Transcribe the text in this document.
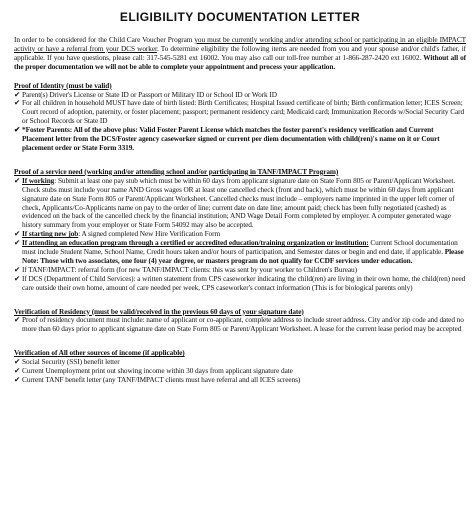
ELIGIBILITY DOCUMENTATION LETTER

In order to be considered for the Child Care Voucher Program you must be currently working and/or attending school or participating in an eligible IMPACT activity or have a referral from your DCS worker. To determine eligibility the following items are needed from you and your spouse and/or child's father, if applicable. If you have questions, please call: 317-545-5281 ext 16002. You may also call our toll-free number at 1-866-287-2420 ext 16002. Without all of the proper documentation we will not be able to complete your appointment and process your application.

Proof of Identity (must be valid)

✔ Parent(s) Driver's License or State ID or Passport or Military ID or School ID or Work ID

✔ For all children in household MUST have date of birth listed: Birth Certificates; Hospital Issued certificate of birth; Birth confirmation letter; ICES Screen; Court record of adoption, paternity, or foster placement; passport; permanent residency card; Medicaid card; Immunization Records w/Social Security Card or School Records or State ID

✔ *Foster Parents: All of the above plus: Valid Foster Parent License which matches the foster parent's residency verification and Current Placement letter from the DCS/Foster agency caseworker signed or current per diem documentation with child(ren)'s name on it or Court placement order or State Form 3319.

Proof of a service need (working and/or attending school and/or participating in TANF/IMPACT Program)

✔ If working: Submit at least one pay stub which must be within 60 days from applicant signature date on State Form 805 or Parent/Applicant Worksheet. Check stubs must include your name AND Gross wages OR at least one cancelled check (front and back), which must be within 60 days from applicant signature date on State Form 805 or Parent/Applicant Worksheet. Cancelled checks must include – employers name imprinted in the upper left corner of check, Applicants/Co-Applicants name on pay to the order of line; current date on date line; amount paid; check has been fully negotiated (cashed) as evidenced on the back of the cancelled check by the financial institution; AND Wage Detail Form completed by employer. A computer generated wage history summary from your employer or State Form 54092 may also be accepted.

✔ If starting new job: A signed completed New Hire Verification Form

✔ If attending an education program through a certified or accredited education/training organization or institution: Current School documentation must include Student Name, School Name, Credit hours taken and/or hours of participation, and Semester dates or begin and end date, if applicable. Please Note: Those with two associates, one four (4) year degree, or masters program do not qualify for CCDF services under education.

✔ If TANF/IMPACT: referral form (for new TANF/IMPACT clients: this was sent by your worker to Children's Bureau)

✔ If DCS (Department of Child Services): a written statement from CPS caseworker indicating the child(ren) are living in their own home, the child(ren) need care outside their own home, amount of care needed per week, CPS caseworker's contact information (This is for biological parents only)

Verification of Residency (must be valid/received in the previous 60 days of your signature date)

✔ Proof of residency document must include: name of applicant or co-applicant, complete address to include street address. City and/or zip code and dated no more than 60 days prior to applicant signature date on State Form 805 or Parent/Applicant Worksheet. A lease for the current lease period may be accepted

Verification of All other sources of income (if applicable)

✔ Social Security (SSI) benefit letter

✔ Current Unemployment print out showing income within 30 days from applicant signature date

✔ Current TANF benefit letter (any TANF/IMPACT clients must have referral and all ICES screens)
